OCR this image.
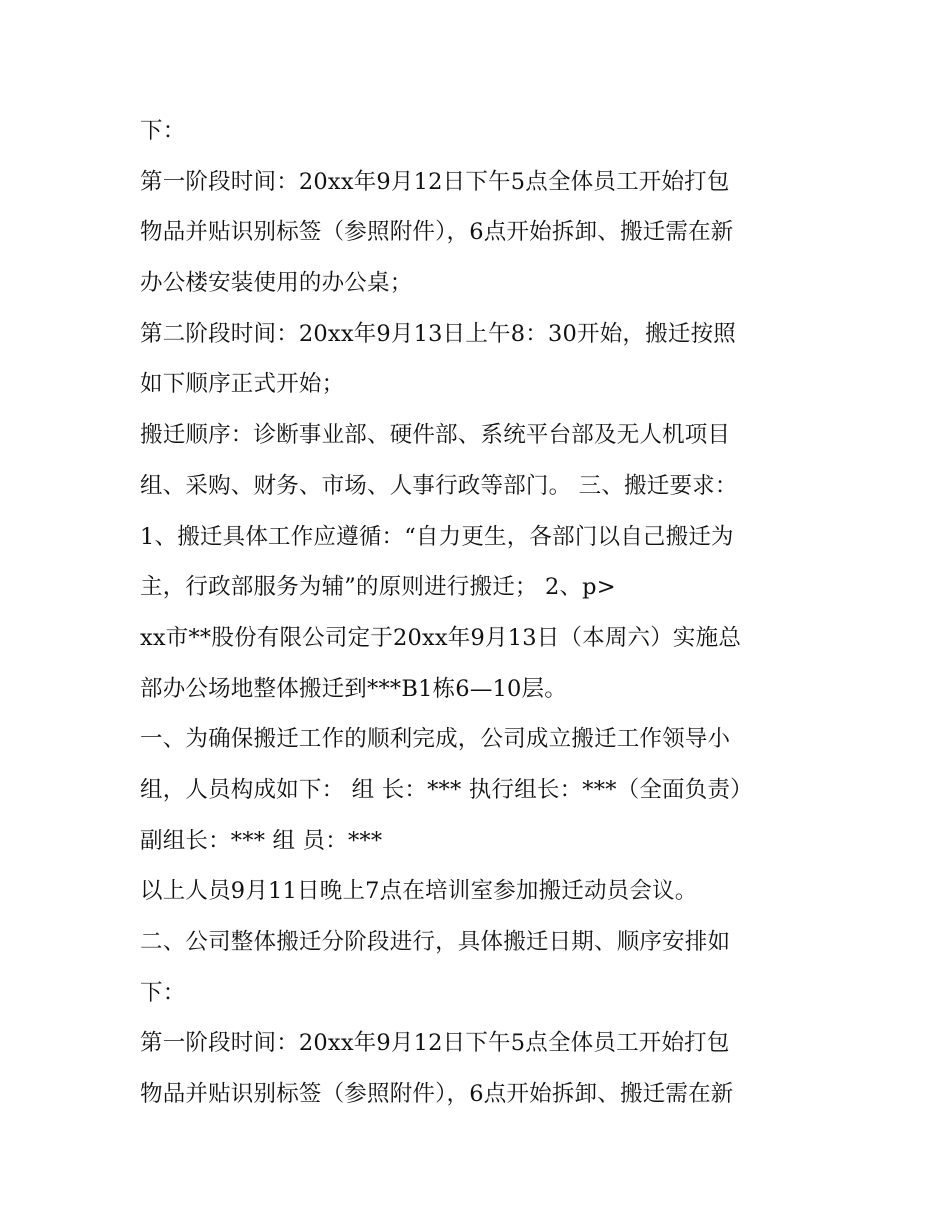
下：
第一阶段时间：20xx年9月12日下午5点全体员工开始打包
物品并贴识别标签（参照附件），6点开始拆卸、搬迁需在新
办公楼安装使用的办公桌；
第二阶段时间：20xx年9月13日上午8：30开始，搬迁按照
如下顺序正式开始；
搬迁顺序：诊断事业部、硬件部、系统平台部及无人机项目
组、采购、财务、市场、人事行政等部门。 三、搬迁要求：
1、搬迁具体工作应遵循：“自力更生，各部门以自己搬迁为
主，行政部服务为辅”的原则进行搬迁； 2、p>
xx市**股份有限公司定于20xx年9月13日（本周六）实施总
部办公场地整体搬迁到***B1栋6—10层。
一、为确保搬迁工作的顺利完成，公司成立搬迁工作领导小
组，人员构成如下： 组 长：*** 执行组长：***（全面负责）
副组长：*** 组 员：***
以上人员9月11日晚上7点在培训室参加搬迁动员会议。
二、公司整体搬迁分阶段进行，具体搬迁日期、顺序安排如
下：
第一阶段时间：20xx年9月12日下午5点全体员工开始打包
物品并贴识别标签（参照附件），6点开始拆卸、搬迁需在新
